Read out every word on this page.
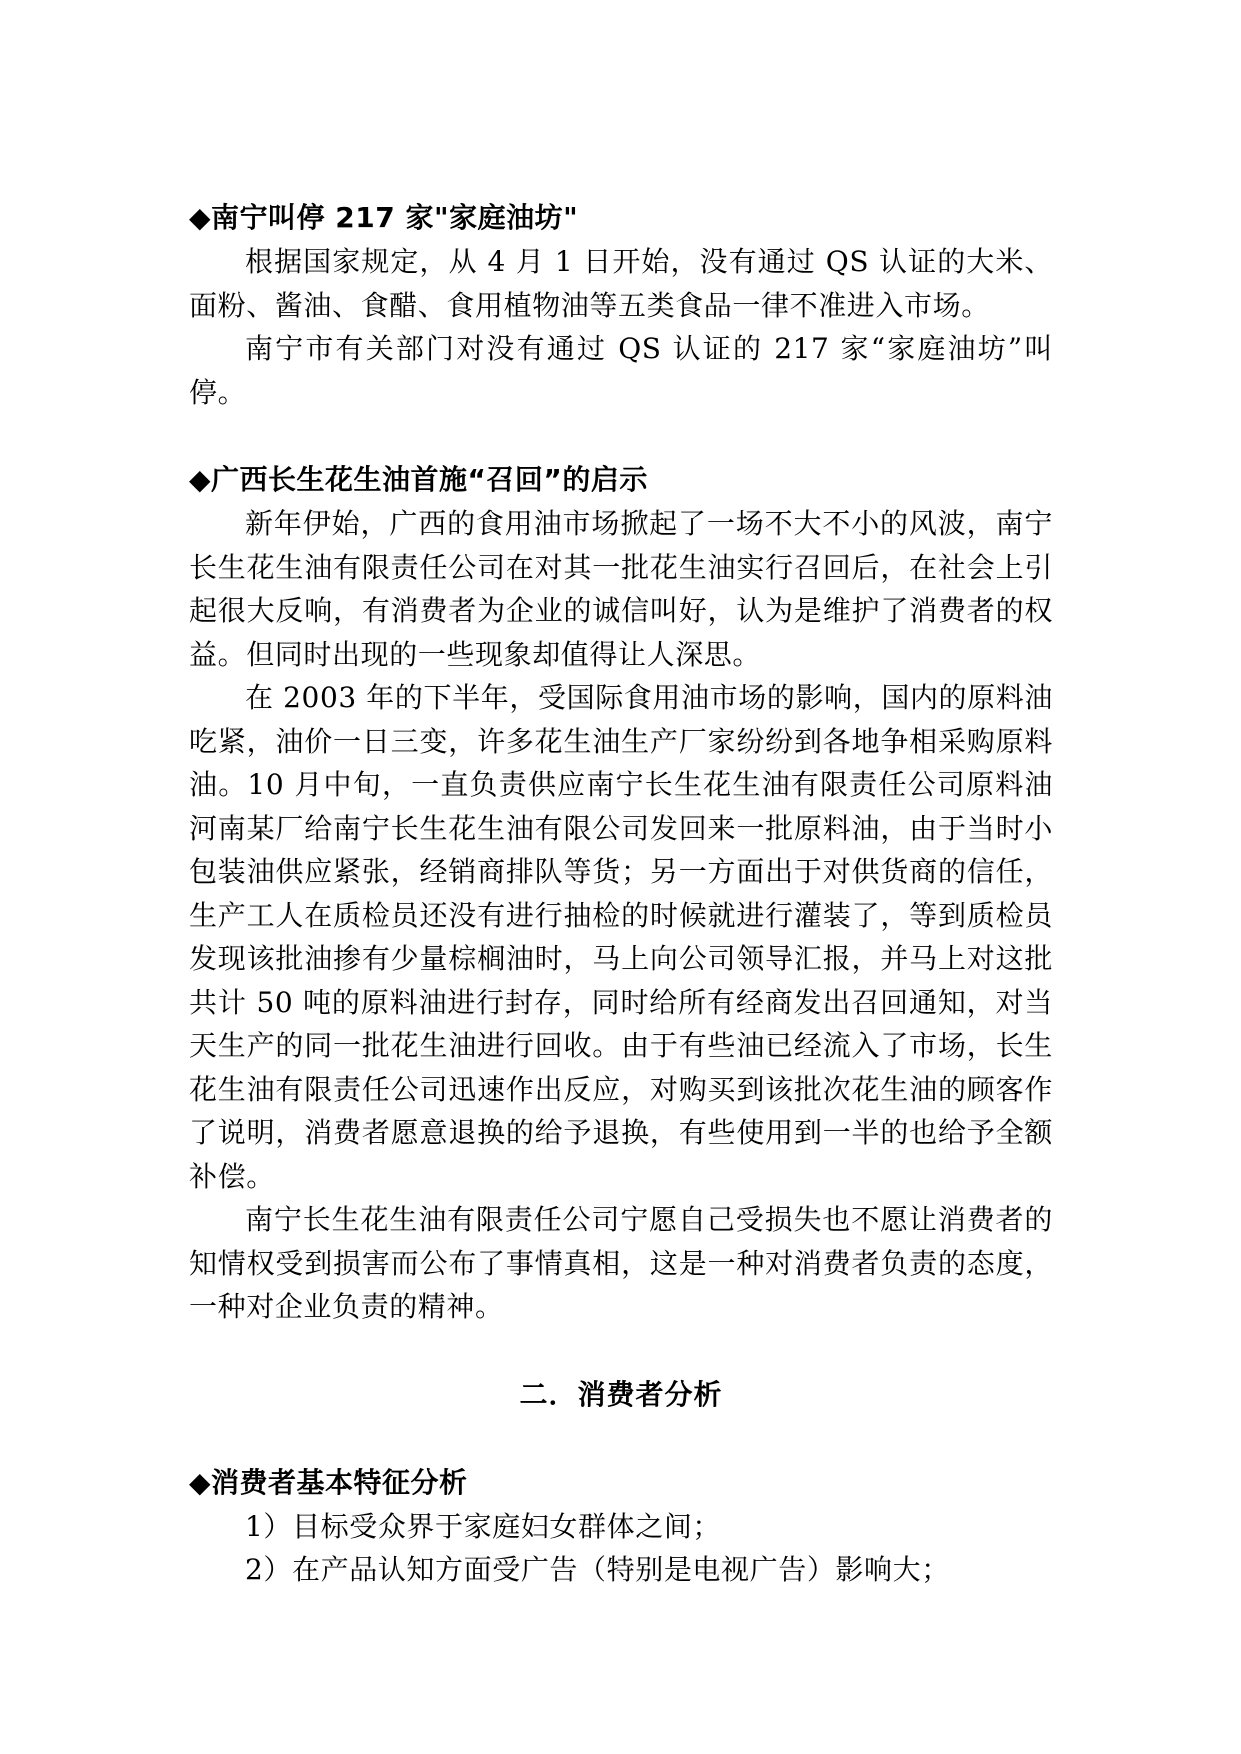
◆南宁叫停 217 家"家庭油坊"

根据国家规定，从 4 月 1 日开始，没有通过 QS 认证的大米、面粉、酱油、食醋、食用植物油等五类食品一律不准进入市场。

南宁市有关部门对没有通过 QS 认证的 217 家“家庭油坊”叫停。

◆广西长生花生油首施“召回”的启示

新年伊始，广西的食用油市场掀起了一场不大不小的风波，南宁长生花生油有限责任公司在对其一批花生油实行召回后，在社会上引起很大反响，有消费者为企业的诚信叫好，认为是维护了消费者的权益。但同时出现的一些现象却值得让人深思。

在 2003 年的下半年，受国际食用油市场的影响，国内的原料油吃紧，油价一日三变，许多花生油生产厂家纷纷到各地争相采购原料油。10 月中旬，一直负责供应南宁长生花生油有限责任公司原料油河南某厂给南宁长生花生油有限公司发回来一批原料油，由于当时小包装油供应紧张，经销商排队等货；另一方面出于对供货商的信任，生产工人在质检员还没有进行抽检的时候就进行灌装了，等到质检员发现该批油掺有少量棕榈油时，马上向公司领导汇报，并马上对这批共计 50 吨的原料油进行封存，同时给所有经商发出召回通知，对当天生产的同一批花生油进行回收。由于有些油已经流入了市场，长生花生油有限责任公司迅速作出反应，对购买到该批次花生油的顾客作了说明，消费者愿意退换的给予退换，有些使用到一半的也给予全额补偿。

南宁长生花生油有限责任公司宁愿自己受损失也不愿让消费者的知情权受到损害而公布了事情真相，这是一种对消费者负责的态度，一种对企业负责的精神。

二．消费者分析

◆消费者基本特征分析

1）目标受众界于家庭妇女群体之间；

2）在产品认知方面受广告（特别是电视广告）影响大；
